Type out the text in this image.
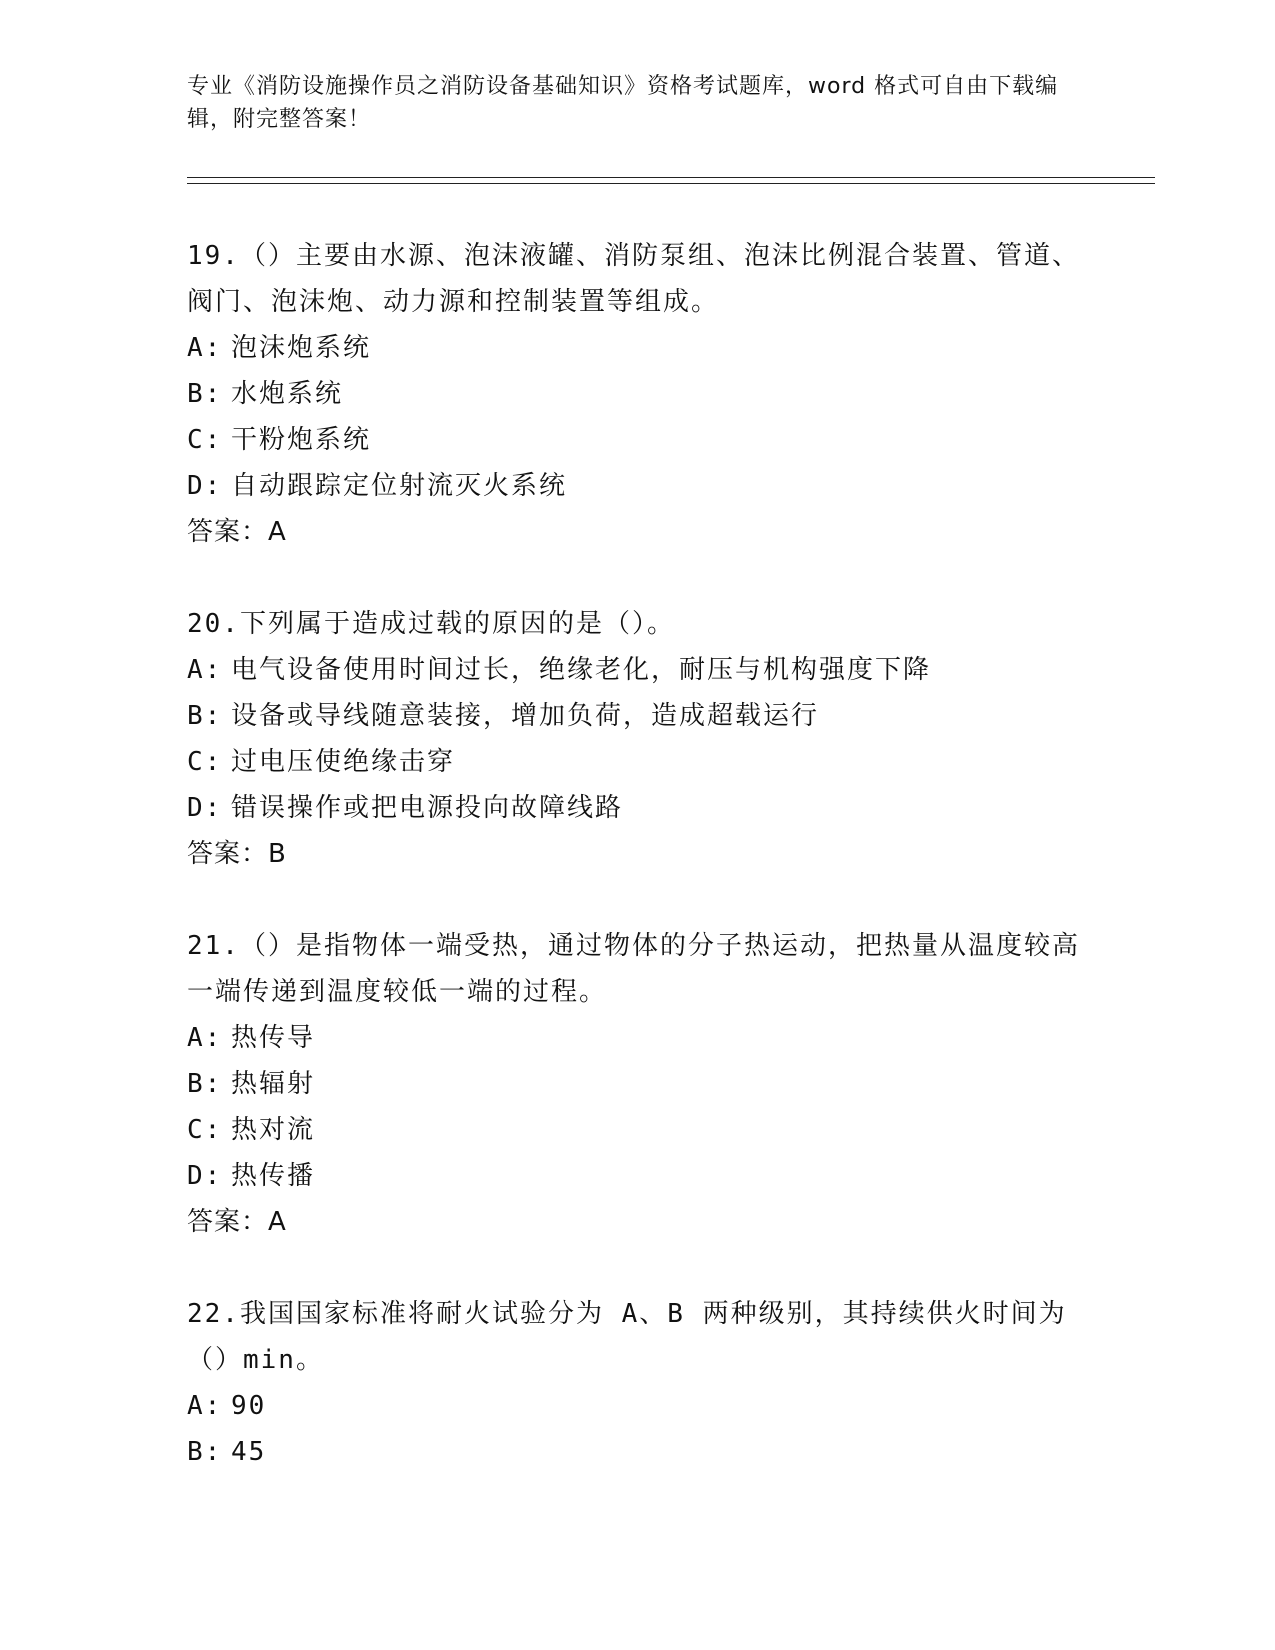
专业《消防设施操作员之消防设备基础知识》资格考试题库，word 格式可自由下载编辑，附完整答案！
19.（）主要由水源、泡沫液罐、消防泵组、泡沫比例混合装置、管道、阀门、泡沫炮、动力源和控制装置等组成。
A: 泡沫炮系统
B: 水炮系统
C: 干粉炮系统
D: 自动跟踪定位射流灭火系统
答案：A
20.下列属于造成过载的原因的是（）。
A: 电气设备使用时间过长，绝缘老化，耐压与机构强度下降
B: 设备或导线随意装接，增加负荷，造成超载运行
C: 过电压使绝缘击穿
D: 错误操作或把电源投向故障线路
答案：B
21.（）是指物体一端受热，通过物体的分子热运动，把热量从温度较高一端传递到温度较低一端的过程。
A: 热传导
B: 热辐射
C: 热对流
D: 热传播
答案：A
22.我国国家标准将耐火试验分为 A、B 两种级别，其持续供火时间为（）min。
A: 90
B: 45
